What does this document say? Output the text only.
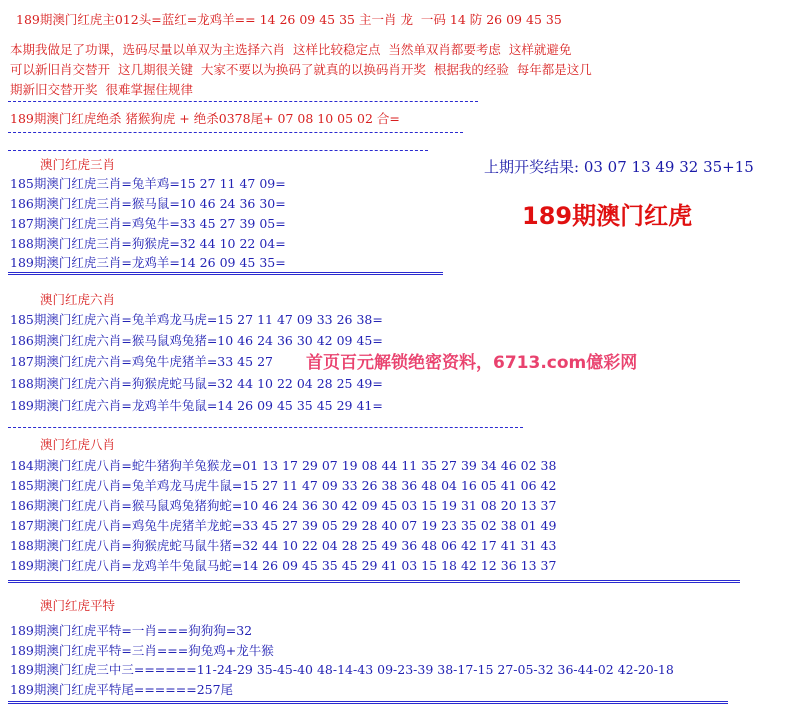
189期澳门红虎主012头=蓝红=龙鸡羊== 14 26 09 45 35 主一肖 龙  一码 14 防 26 09 45 35
本期我做足了功课，选码尽量以单双为主选择六肖  这样比较稳定点  当然单双肖都要考虑  这样就避免
可以新旧肖交替开  这几期很关键  大家不要以为换码了就真的以换码肖开奖  根据我的经验  每年都是这几
期新旧交替开奖  很难掌握住规律
189期澳门红虎绝杀 猪猴狗虎 + 绝杀0378尾+ 07 08 10 05 02 合=
上期开奖结果: 03 07 13 49 32 35+15
189期澳门红虎
澳门红虎三肖
185期澳门红虎三肖=兔羊鸡=15 27 11 47 09=
186期澳门红虎三肖=猴马鼠=10 46 24 36 30=
187期澳门红虎三肖=鸡兔牛=33 45 27 39 05=
188期澳门红虎三肖=狗猴虎=32 44 10 22 04=
189期澳门红虎三肖=龙鸡羊=14 26 09 45 35=
澳门红虎六肖
185期澳门红虎六肖=兔羊鸡龙马虎=15 27 11 47 09 33 26 38=
186期澳门红虎六肖=猴马鼠鸡兔猪=10 46 24 36 30 42 09 45=
187期澳门红虎六肖=鸡兔牛虎猪羊=33 45 27
188期澳门红虎六肖=狗猴虎蛇马鼠=32 44 10 22 04 28 25 49=
189期澳门红虎六肖=龙鸡羊牛兔鼠=14 26 09 45 35 45 29 41=
首页百元解锁绝密资料，6713.com億彩网
澳门红虎八肖
184期澳门红虎八肖=蛇牛猪狗羊兔猴龙=01 13 17 29 07 19 08 44 11 35 27 39 34 46 02 38
185期澳门红虎八肖=兔羊鸡龙马虎牛鼠=15 27 11 47 09 33 26 38 36 48 04 16 05 41 06 42
186期澳门红虎八肖=猴马鼠鸡兔猪狗蛇=10 46 24 36 30 42 09 45 03 15 19 31 08 20 13 37
187期澳门红虎八肖=鸡兔牛虎猪羊龙蛇=33 45 27 39 05 29 28 40 07 19 23 35 02 38 01 49
188期澳门红虎八肖=狗猴虎蛇马鼠牛猪=32 44 10 22 04 28 25 49 36 48 06 42 17 41 31 43
189期澳门红虎八肖=龙鸡羊牛兔鼠马蛇=14 26 09 45 35 45 29 41 03 15 18 42 12 36 13 37
澳门红虎平特
189期澳门红虎平特=一肖===狗狗狗=32
189期澳门红虎平特=三肖===狗兔鸡+龙牛猴
189期澳门红虎三中三======11-24-29 35-45-40 48-14-43 09-23-39 38-17-15 27-05-32 36-44-02 42-20-18
189期澳门红虎平特尾======257尾
